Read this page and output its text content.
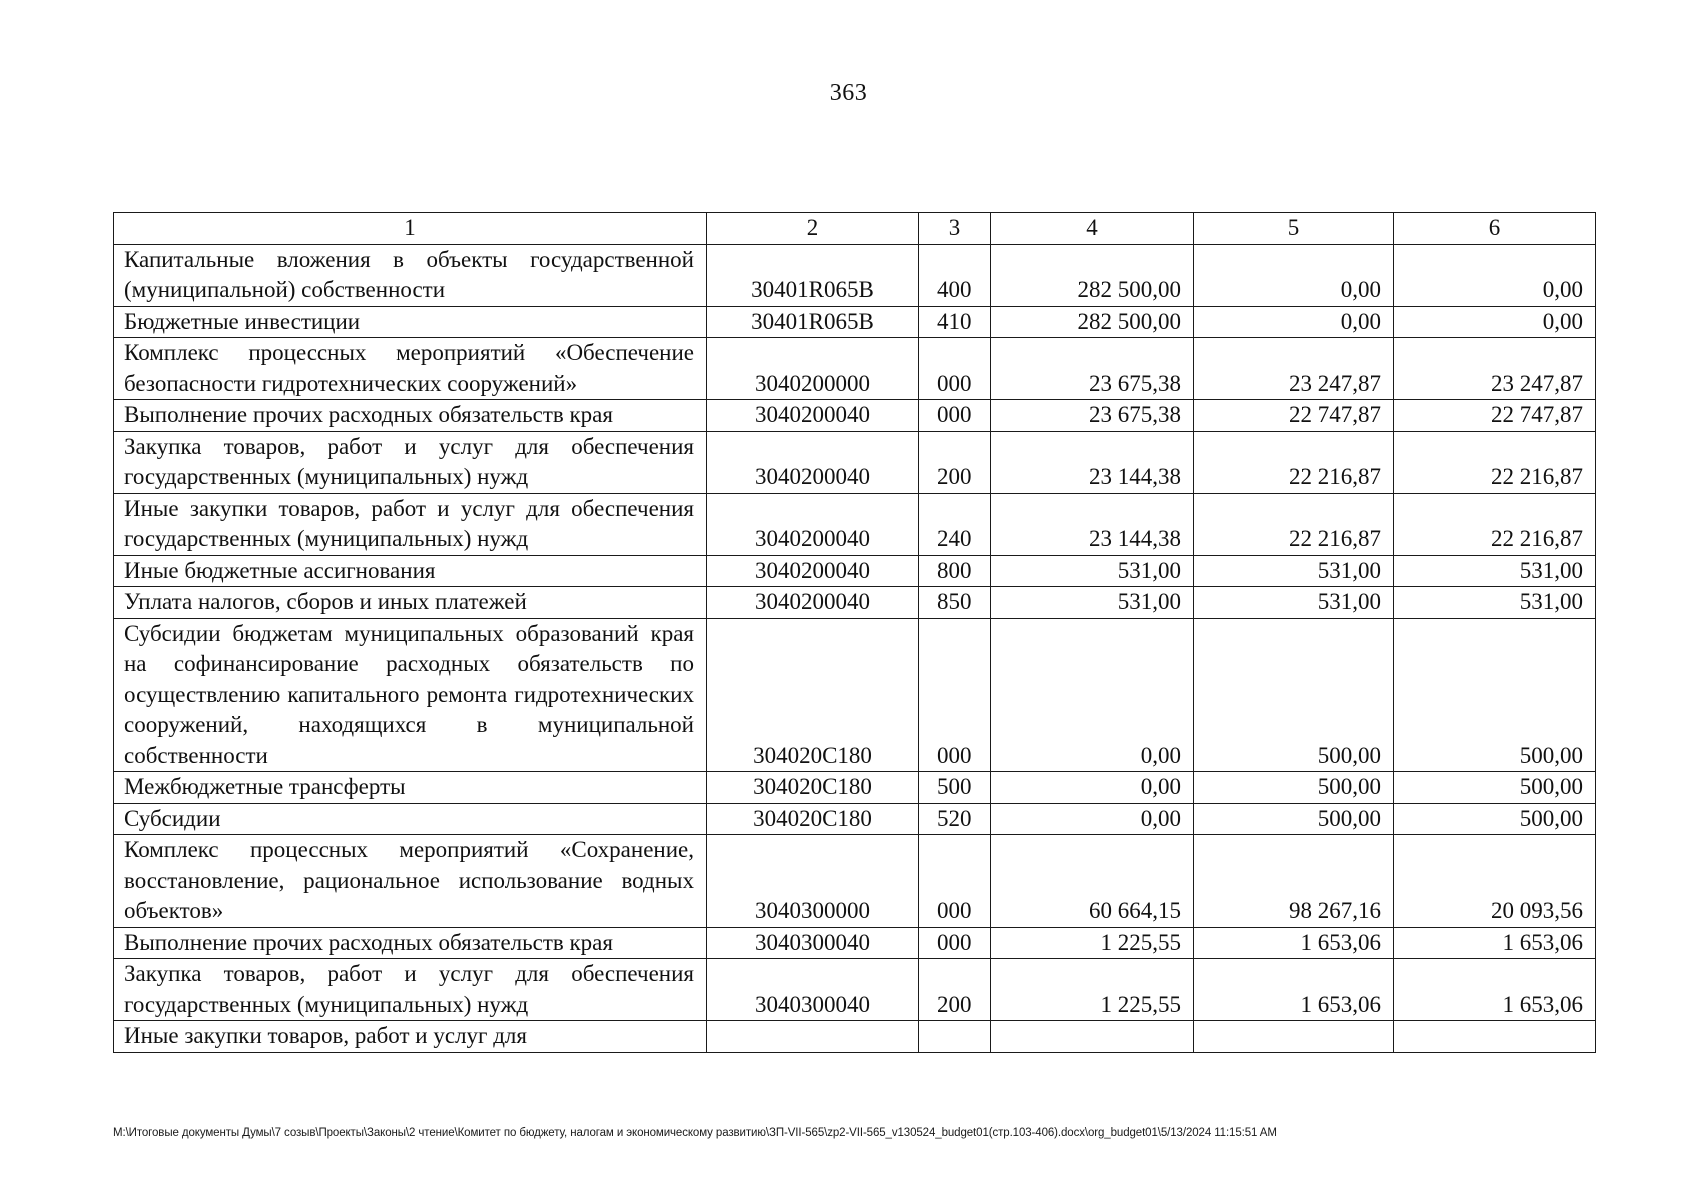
363
1	2	3	4	5	6
Капитальные вложения в объекты государственной (муниципальной) собственности	30401R065B	400	282 500,00	0,00	0,00
Бюджетные инвестиции	30401R065B	410	282 500,00	0,00	0,00
Комплекс процессных мероприятий «Обеспечение безопасности гидротехнических сооружений»	3040200000	000	23 675,38	23 247,87	23 247,87
Выполнение прочих расходных обязательств края	3040200040	000	23 675,38	22 747,87	22 747,87
Закупка товаров, работ и услуг для обеспечения государственных (муниципальных) нужд	3040200040	200	23 144,38	22 216,87	22 216,87
Иные закупки товаров, работ и услуг для обеспечения государственных (муниципальных) нужд	3040200040	240	23 144,38	22 216,87	22 216,87
Иные бюджетные ассигнования	3040200040	800	531,00	531,00	531,00
Уплата налогов, сборов и иных платежей	3040200040	850	531,00	531,00	531,00
Субсидии бюджетам муниципальных образований края на софинансирование расходных обязательств по осуществлению капитального ремонта гидротехнических сооружений, находящихся в муниципальной собственности	304020С180	000	0,00	500,00	500,00
Межбюджетные трансферты	304020С180	500	0,00	500,00	500,00
Субсидии	304020С180	520	0,00	500,00	500,00
Комплекс процессных мероприятий «Сохранение, восстановление, рациональное использование водных объектов»	3040300000	000	60 664,15	98 267,16	20 093,56
Выполнение прочих расходных обязательств края	3040300040	000	1 225,55	1 653,06	1 653,06
Закупка товаров, работ и услуг для обеспечения государственных (муниципальных) нужд	3040300040	200	1 225,55	1 653,06	1 653,06
Иные закупки товаров, работ и услуг для					
M:\Итоговые документы Думы\7 созыв\Проекты\Законы\2 чтение\Комитет по бюджету, налогам и экономическому развитию\ЗП-VII-565\zp2-VII-565_v130524_budget01(стр.103-406).docx\org_budget01\5/13/2024 11:15:51 AM
